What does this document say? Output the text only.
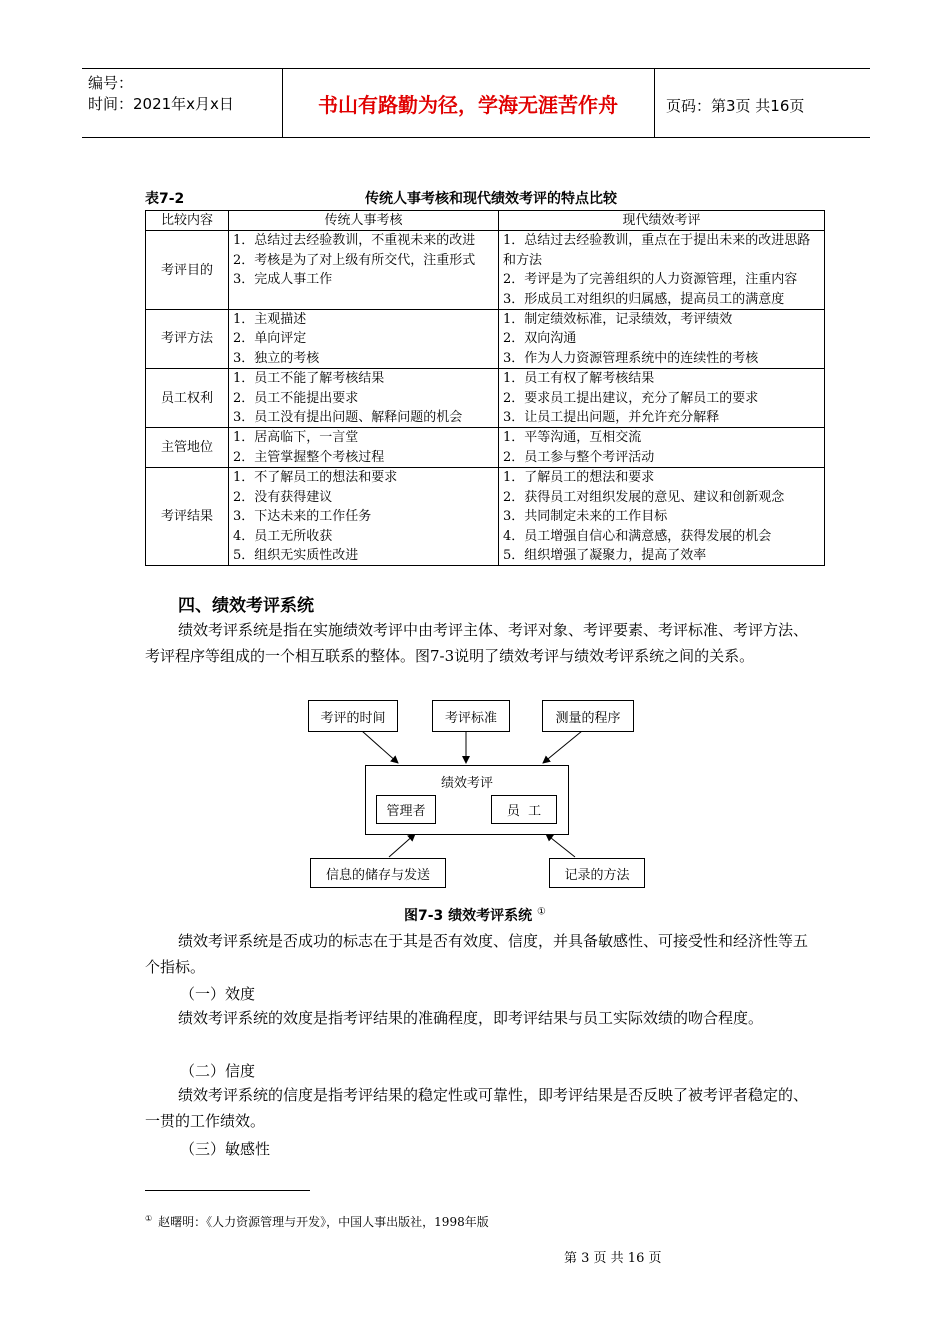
编号：
时间：2021年x月x日	书山有路勤为径，学海无涯苦作舟	页码：第3页 共16页
表7-2	传统人事考核和现代绩效考评的特点比较
比较内容	传统人事考核	现代绩效考评
考评目的	1．总结过去经验教训，不重视未来的改进
2．考核是为了对上级有所交代，注重形式
3．完成人事工作	1．总结过去经验教训，重点在于提出未来的改进思路和方法
2．考评是为了完善组织的人力资源管理，注重内容
3．形成员工对组织的归属感，提高员工的满意度

考评方法	1．主观描述
2．单向评定
3．独立的考核	1．制定绩效标准，记录绩效，考评绩效
2．双向沟通
3．作为人力资源管理系统中的连续性的考核

员工权利	1．员工不能了解考核结果
2．员工不能提出要求
3．员工没有提出问题、解释问题的机会	1．员工有权了解考核结果
2．要求员工提出建议，充分了解员工的要求
3．让员工提出问题，并允许充分解释

主管地位	1．居高临下，一言堂
2．主管掌握整个考核过程	1．平等沟通，互相交流
2．员工参与整个考评活动

考评结果	1．不了解员工的想法和要求
2．没有获得建议
3．下达未来的工作任务
4．员工无所收获
5．组织无实质性改进	1．了解员工的想法和要求
2．获得员工对组织发展的意见、建议和创新观念
3．共同制定未来的工作目标
4．员工增强自信心和满意感，获得发展的机会
5．组织增强了凝聚力，提高了效率
四、绩效考评系统
绩效考评系统是指在实施绩效考评中由考评主体、考评对象、考评要素、考评标准、考评方法、考评程序等组成的一个相互联系的整体。图7-3说明了绩效考评与绩效考评系统之间的关系。
考评的时间	考评标准	测量的程序
绩效考评
管理者	员  工
信息的储存与发送	记录的方法
图7-3 绩效考评系统 ①
绩效考评系统是否成功的标志在于其是否有效度、信度，并具备敏感性、可接受性和经济性等五个指标。
（一）效度
绩效考评系统的效度是指考评结果的准确程度，即考评结果与员工实际效绩的吻合程度。
（二）信度
绩效考评系统的信度是指考评结果的稳定性或可靠性，即考评结果是否反映了被考评者稳定的、一贯的工作绩效。
（三）敏感性
① 赵曙明：《人力资源管理与开发》，中国人事出版社，1998年版
第 3 页 共 16 页
